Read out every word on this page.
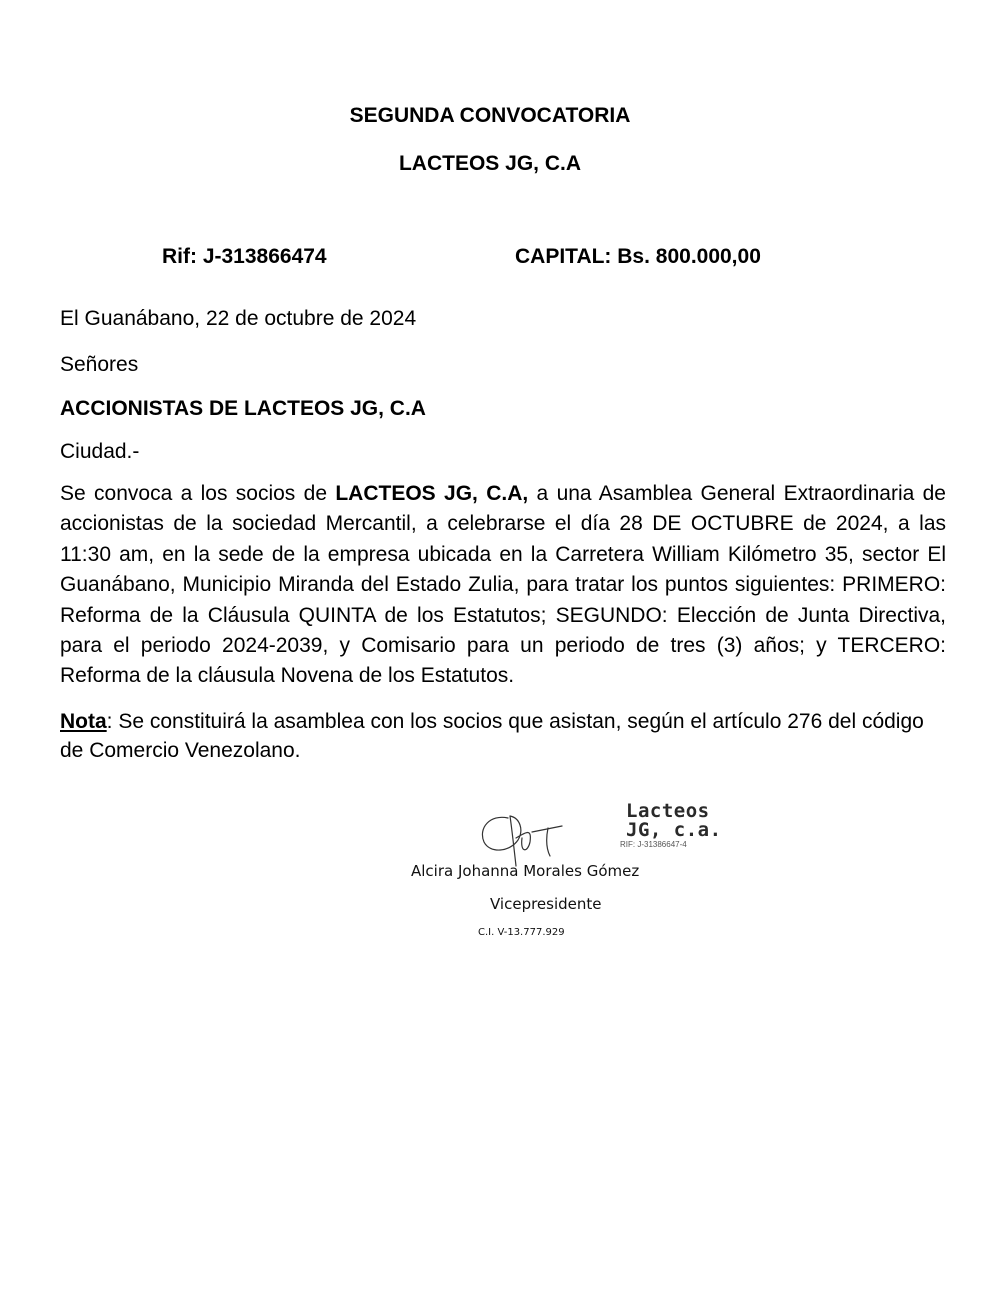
SEGUNDA CONVOCATORIA
LACTEOS JG, C.A
Rif: J-313866474	CAPITAL: Bs. 800.000,00
El Guanábano, 22 de octubre de 2024
Señores
ACCIONISTAS DE LACTEOS JG, C.A
Ciudad.-
Se convoca a los socios de LACTEOS JG, C.A, a una Asamblea General Extraordinaria de accionistas de la sociedad Mercantil, a celebrarse el día 28 DE OCTUBRE de 2024, a las 11:30 am, en la sede de la empresa ubicada en la Carretera William Kilómetro 35, sector El Guanábano, Municipio Miranda del Estado Zulia, para tratar los puntos siguientes: PRIMERO: Reforma de la Cláusula QUINTA de los Estatutos; SEGUNDO: Elección de Junta Directiva, para el periodo 2024-2039, y Comisario para un periodo de tres (3) años; y TERCERO: Reforma de la cláusula Novena de los Estatutos.
Nota: Se constituirá la asamblea con los socios que asistan, según el artículo 276 del código de Comercio Venezolano.
Lacteos
JG, c.a.
RIF: J-31386647-4
Alcira Johanna Morales Gómez
Vicepresidente
C.I. V-13.777.929
